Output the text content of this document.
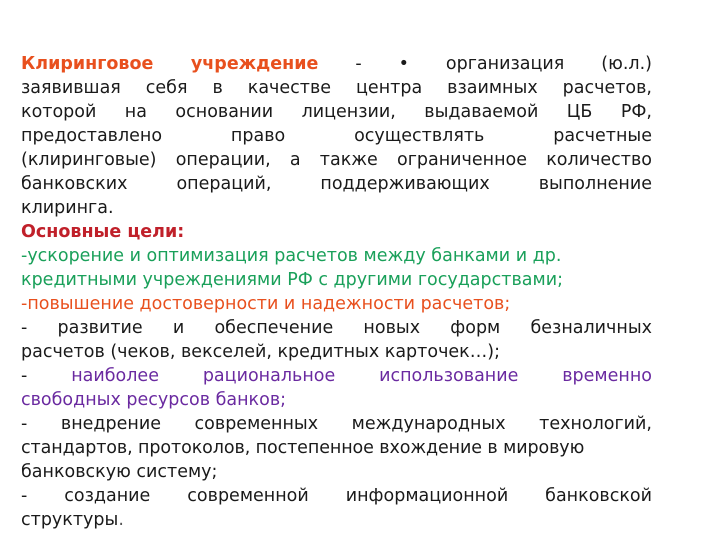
Клиринговое учреждение - • организация (ю.л.)
заявившая себя в качестве центра взаимных расчетов,
которой на основании лицензии, выдаваемой ЦБ РФ,
предоставлено право осуществлять расчетные
(клиринговые) операции, а также ограниченное количество
банковских операций, поддерживающих выполнение
клиринга.
Основные цели:
-ускорение и оптимизация расчетов между банками и др.
кредитными учреждениями РФ с другими государствами;
-повышение достоверности и надежности расчетов;
- развитие и обеспечение новых форм безналичных
расчетов (чеков, векселей, кредитных карточек…);
-	наиболее рациональное использование временно
свободных ресурсов банков;
- внедрение современных международных технологий,
стандартов, протоколов, постепенное вхождение в мировую
банковскую систему;
- создание современной информационной банковской
структуры.
